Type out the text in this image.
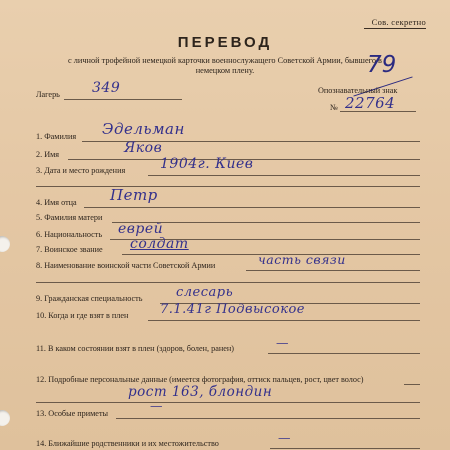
Сов. секретно
ПЕРЕВОД
с личной трофейной немецкой карточки военнослужащего Советской Армии, бывшего в немецком плену.	79
Лагерь 349	Опознавательный знак
№ 22764
1. Фамилия Эдельман
2. Имя	Яков
3. Дата и место рождения 1904г. Киев
4. Имя отца Петр
5. Фамилия матери
6. Национальность еврей
7. Воинское звание солдат
8. Наименование воинской части Советской Армии	часть связи
9. Гражданская специальность	слесарь
10. Когда и где взят в плен 7.1.41г Подвысокое
11. В каком состоянии взят в плен (здоров, болен, ранен)	—
12. Подробные персональные данные (имеется фотография, оттиск пальцев, рост, цвет волос)
рост 163, блондин
13. Особые приметы
—
14. Ближайшие родственники и их местожительство	—
